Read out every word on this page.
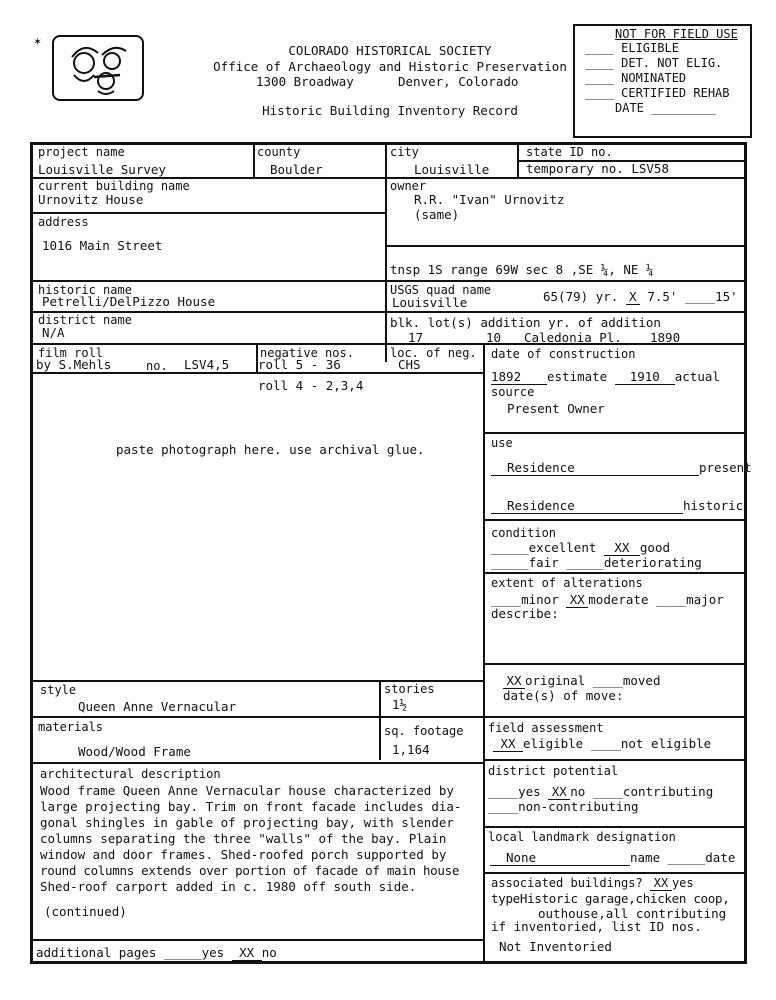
✶
COLORADO HISTORICAL SOCIETY
Office of Archaeology and Historic Preservation
1300 Broadway	Denver, Colorado
Historic Building Inventory Record
NOT FOR FIELD USE
____ ELIGIBLE
____ DET. NOT ELIG.
____ NOMINATED
____ CERTIFIED REHAB
DATE _________
project name
Louisville Survey
county
Boulder
city
Louisville
state ID no.
temporary no. LSV58
current building name
Urnovitz House
owner
R.R. "Ivan" Urnovitz
(same)
address
1016 Main Street
tnsp 1S range 69W sec 8 ,SE ¼, NE ¼
historic name
Petrelli/DelPizzo House
USGS quad name
Louisville	65(79) yr. X 7.5' ____15'
district name
N/A
blk. lot(s) addition yr. of addition
17	10 Caledonia Pl. 1890
film roll
by S.Mehls	no. LSV4,5
negative nos.
roll 5 - 36
loc. of neg.
CHS
roll 4 - 2,3,4
paste photograph here. use archival glue.
date of construction
1892 estimate 1910 actual
source
Present Owner
use
Residence	present
Residence	historic
condition
_____excellent XX good
_____fair _____deteriorating
extent of alterations
____minor XX moderate ____major
describe:
style
Queen Anne Vernacular
stories
1½
XX original ____moved
date(s) of move:
materials
Wood/Wood Frame
sq. footage
1,164
field assessment
XX eligible ____not eligible
architectural description
Wood frame Queen Anne Vernacular house characterized by
large projecting bay. Trim on front facade includes dia-
gonal shingles in gable of projecting bay, with slender
columns separating the three "walls" of the bay. Plain
window and door frames. Shed-roofed porch supported by
round columns extends over portion of facade of main house
Shed-roof carport added in c. 1980 off south side.
(continued)
district potential
____yes XX no ____contributing
____non-contributing
local landmark designation
None	name _____date
associated buildings? XX yes
typeHistoric garage,chicken coop,
outhouse,all contributing
if inventoried, list ID nos.
Not Inventoried
additional pages _____yes XX no
